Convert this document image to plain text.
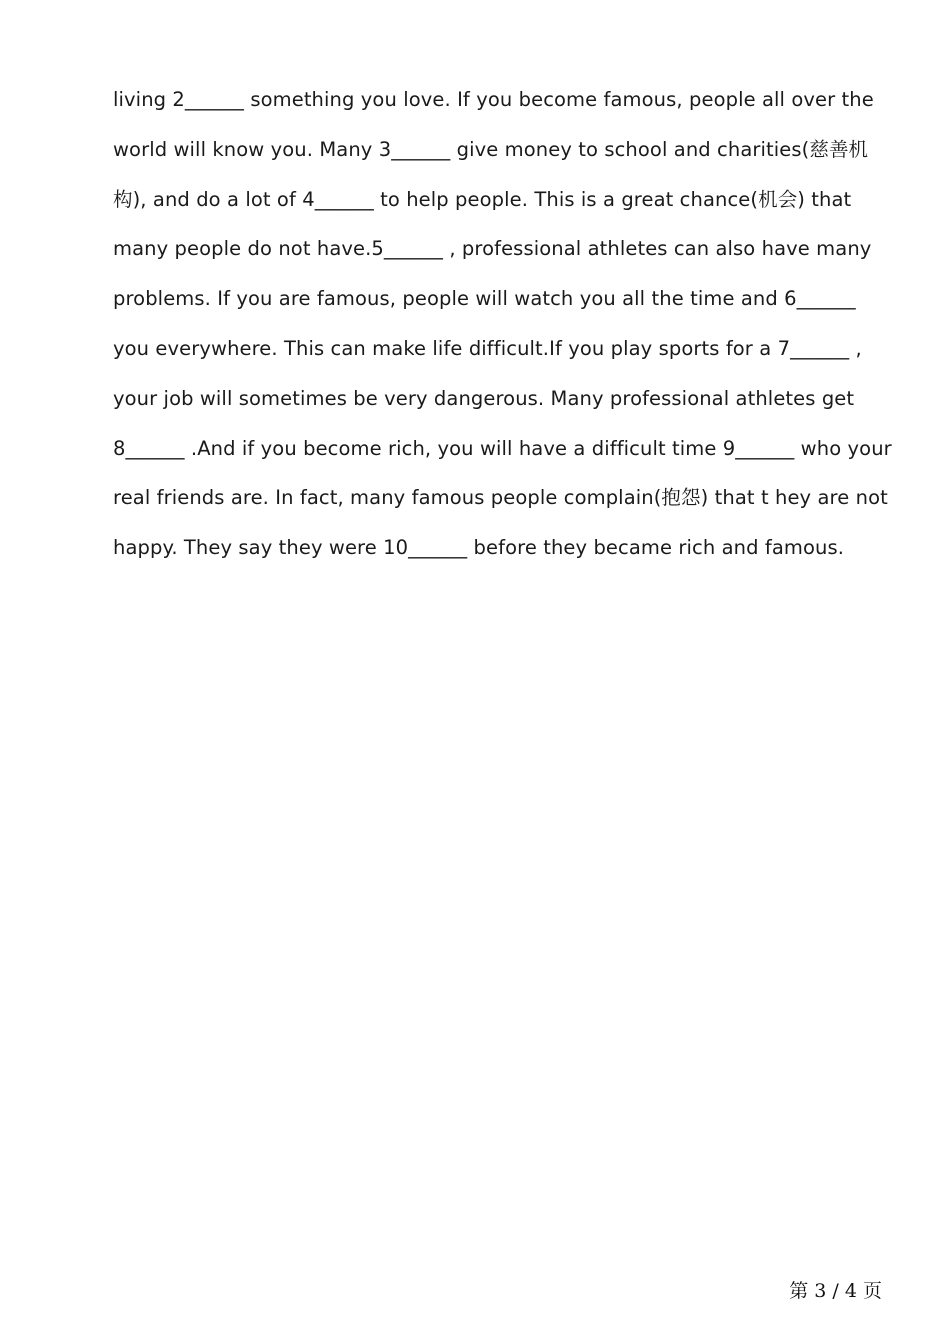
living 2______ something you love. If you become famous, people all over the
world will know you. Many 3______ give money to school and charities(慈善机
构), and do a lot of 4______ to help people. This is a great chance(机会) that
many people do not have.5______ , professional athletes can also have many
problems. If you are famous, people will watch you all the time and 6______
you everywhere. This can make life difficult.If you play sports for a 7______ ,
your job will sometimes be very dangerous. Many professional athletes get
8______ .And if you become rich, you will have a difficult time 9______ who your
real friends are. In fact, many famous people complain(抱怨) that t hey are not
happy. They say they were 10______ before they became rich and famous.
第 3 / 4 页
